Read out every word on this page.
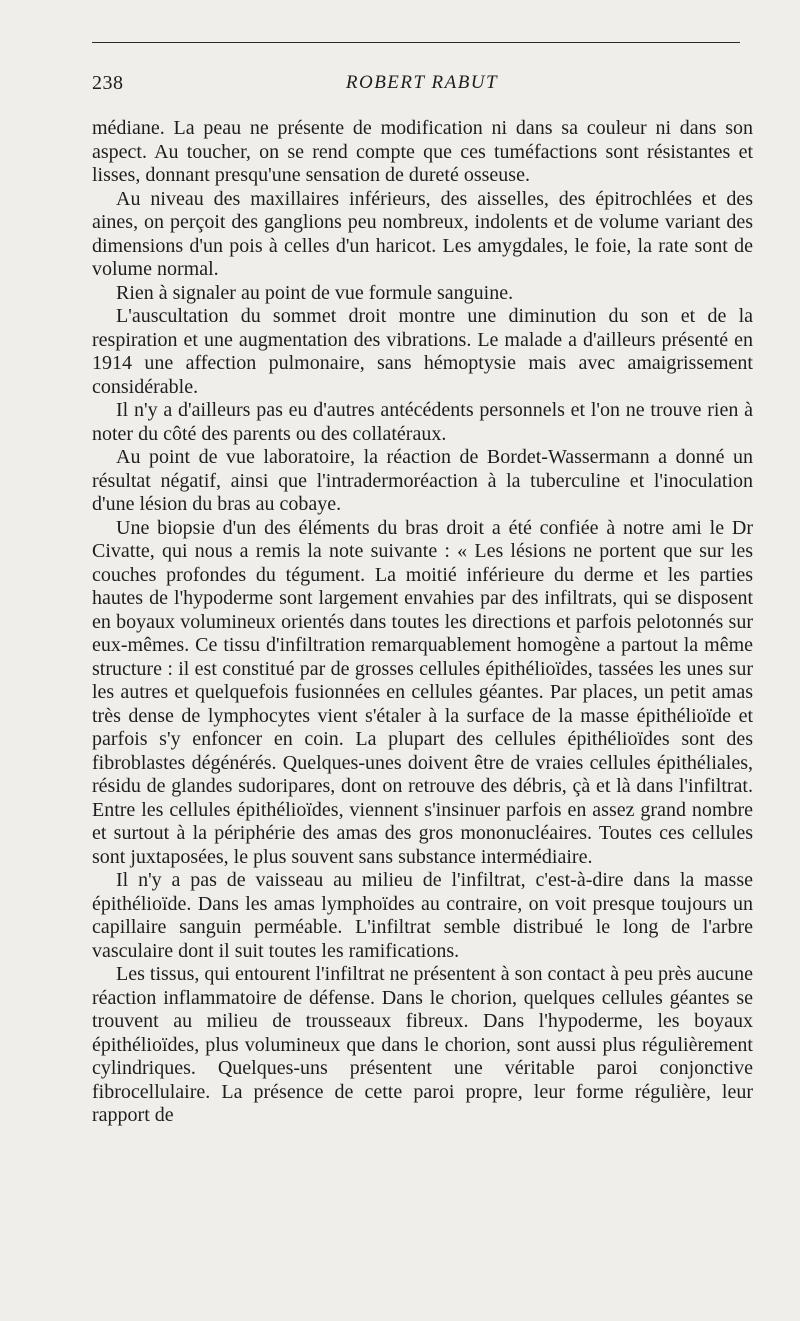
238	ROBERT RABUT

médiane. La peau ne présente de modification ni dans sa couleur ni dans son aspect. Au toucher, on se rend compte que ces tuméfactions sont résistantes et lisses, donnant presqu'une sensation de dureté osseuse.

Au niveau des maxillaires inférieurs, des aisselles, des épitrochlées et des aines, on perçoit des ganglions peu nombreux, indolents et de volume variant des dimensions d'un pois à celles d'un haricot. Les amygdales, le foie, la rate sont de volume normal.

Rien à signaler au point de vue formule sanguine.

L'auscultation du sommet droit montre une diminution du son et de la respiration et une augmentation des vibrations. Le malade a d'ailleurs présenté en 1914 une affection pulmonaire, sans hémoptysie mais avec amaigrissement considérable.

Il n'y a d'ailleurs pas eu d'autres antécédents personnels et l'on ne trouve rien à noter du côté des parents ou des collatéraux.

Au point de vue laboratoire, la réaction de Bordet-Wassermann a donné un résultat négatif, ainsi que l'intradermoréaction à la tuberculine et l'inoculation d'une lésion du bras au cobaye.

Une biopsie d'un des éléments du bras droit a été confiée à notre ami le Dr Civatte, qui nous a remis la note suivante : « Les lésions ne portent que sur les couches profondes du tégument. La moitié inférieure du derme et les parties hautes de l'hypoderme sont largement envahies par des infiltrats, qui se disposent en boyaux volumineux orientés dans toutes les directions et parfois pelotonnés sur eux-mêmes. Ce tissu d'infiltration remarquablement homogène a partout la même structure : il est constitué par de grosses cellules épithélioïdes, tassées les unes sur les autres et quelquefois fusionnées en cellules géantes. Par places, un petit amas très dense de lymphocytes vient s'étaler à la surface de la masse épithélioïde et parfois s'y enfoncer en coin. La plupart des cellules épithélioïdes sont des fibroblastes dégénérés. Quelques-unes doivent être de vraies cellules épithéliales, résidu de glandes sudoripares, dont on retrouve des débris, çà et là dans l'infiltrat. Entre les cellules épithélioïdes, viennent s'insinuer parfois en assez grand nombre et surtout à la périphérie des amas des gros mononucléaires. Toutes ces cellules sont juxtaposées, le plus souvent sans substance intermédiaire.

Il n'y a pas de vaisseau au milieu de l'infiltrat, c'est-à-dire dans la masse épithélioïde. Dans les amas lymphoïdes au contraire, on voit presque toujours un capillaire sanguin perméable. L'infiltrat semble distribué le long de l'arbre vasculaire dont il suit toutes les ramifications.

Les tissus, qui entourent l'infiltrat ne présentent à son contact à peu près aucune réaction inflammatoire de défense. Dans le chorion, quelques cellules géantes se trouvent au milieu de trousseaux fibreux. Dans l'hypoderme, les boyaux épithélioïdes, plus volumineux que dans le chorion, sont aussi plus régulièrement cylindriques. Quelques-uns présentent une véritable paroi conjonctive fibrocellulaire. La présence de cette paroi propre, leur forme régulière, leur rapport de
